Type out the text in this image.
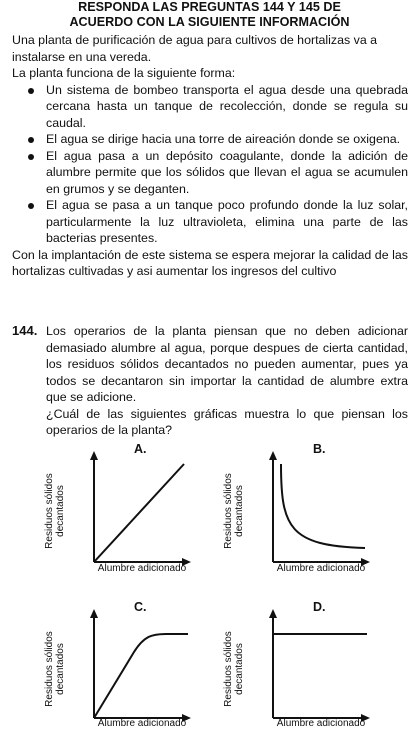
RESPONDA LAS PREGUNTAS 144 Y 145 DE
ACUERDO CON LA SIGUIENTE INFORMACIÓN

Una planta de purificación de agua para cultivos de hortalizas va a instalarse en una vereda.

La planta funciona de la siguiente forma:

Un sistema de bombeo transporta el agua desde una quebrada cercana hasta un tanque de recolección, donde se regula su caudal.
El agua se dirige hacia una torre de aireación donde se oxigena.
El agua pasa a un depósito coagulante, donde la adición de alumbre permite que los sólidos que llevan el agua se acumulen en grumos y se deganten.
El agua se pasa a un tanque poco profundo donde la luz solar, particularmente la luz ultravioleta, elimina una parte de las bacterias presentes.

Con la implantación de este sistema se espera mejorar la calidad de las hortalizas cultivadas y asi aumentar los ingresos del cultivo

144. Los operarios de la planta piensan que no deben adicionar demasiado alumbre al agua, porque despues de cierta cantidad, los residuos sólidos decantados no pueden aumentar, pues ya todos se decantaron sin importar la cantidad de alumbre extra que se adicione.
¿Cuál de las siguientes gráficas muestra lo que piensan los operarios de la planta?
A.
Residuos sólidos decantados
Alumbre adicionado
B.
Residuos sólidos decantados
Alumbre adicionado
C.
Residuos sólidos decantados
Alumbre adicionado
D.
Residuos sólidos decantados
Alumbre adicionado
